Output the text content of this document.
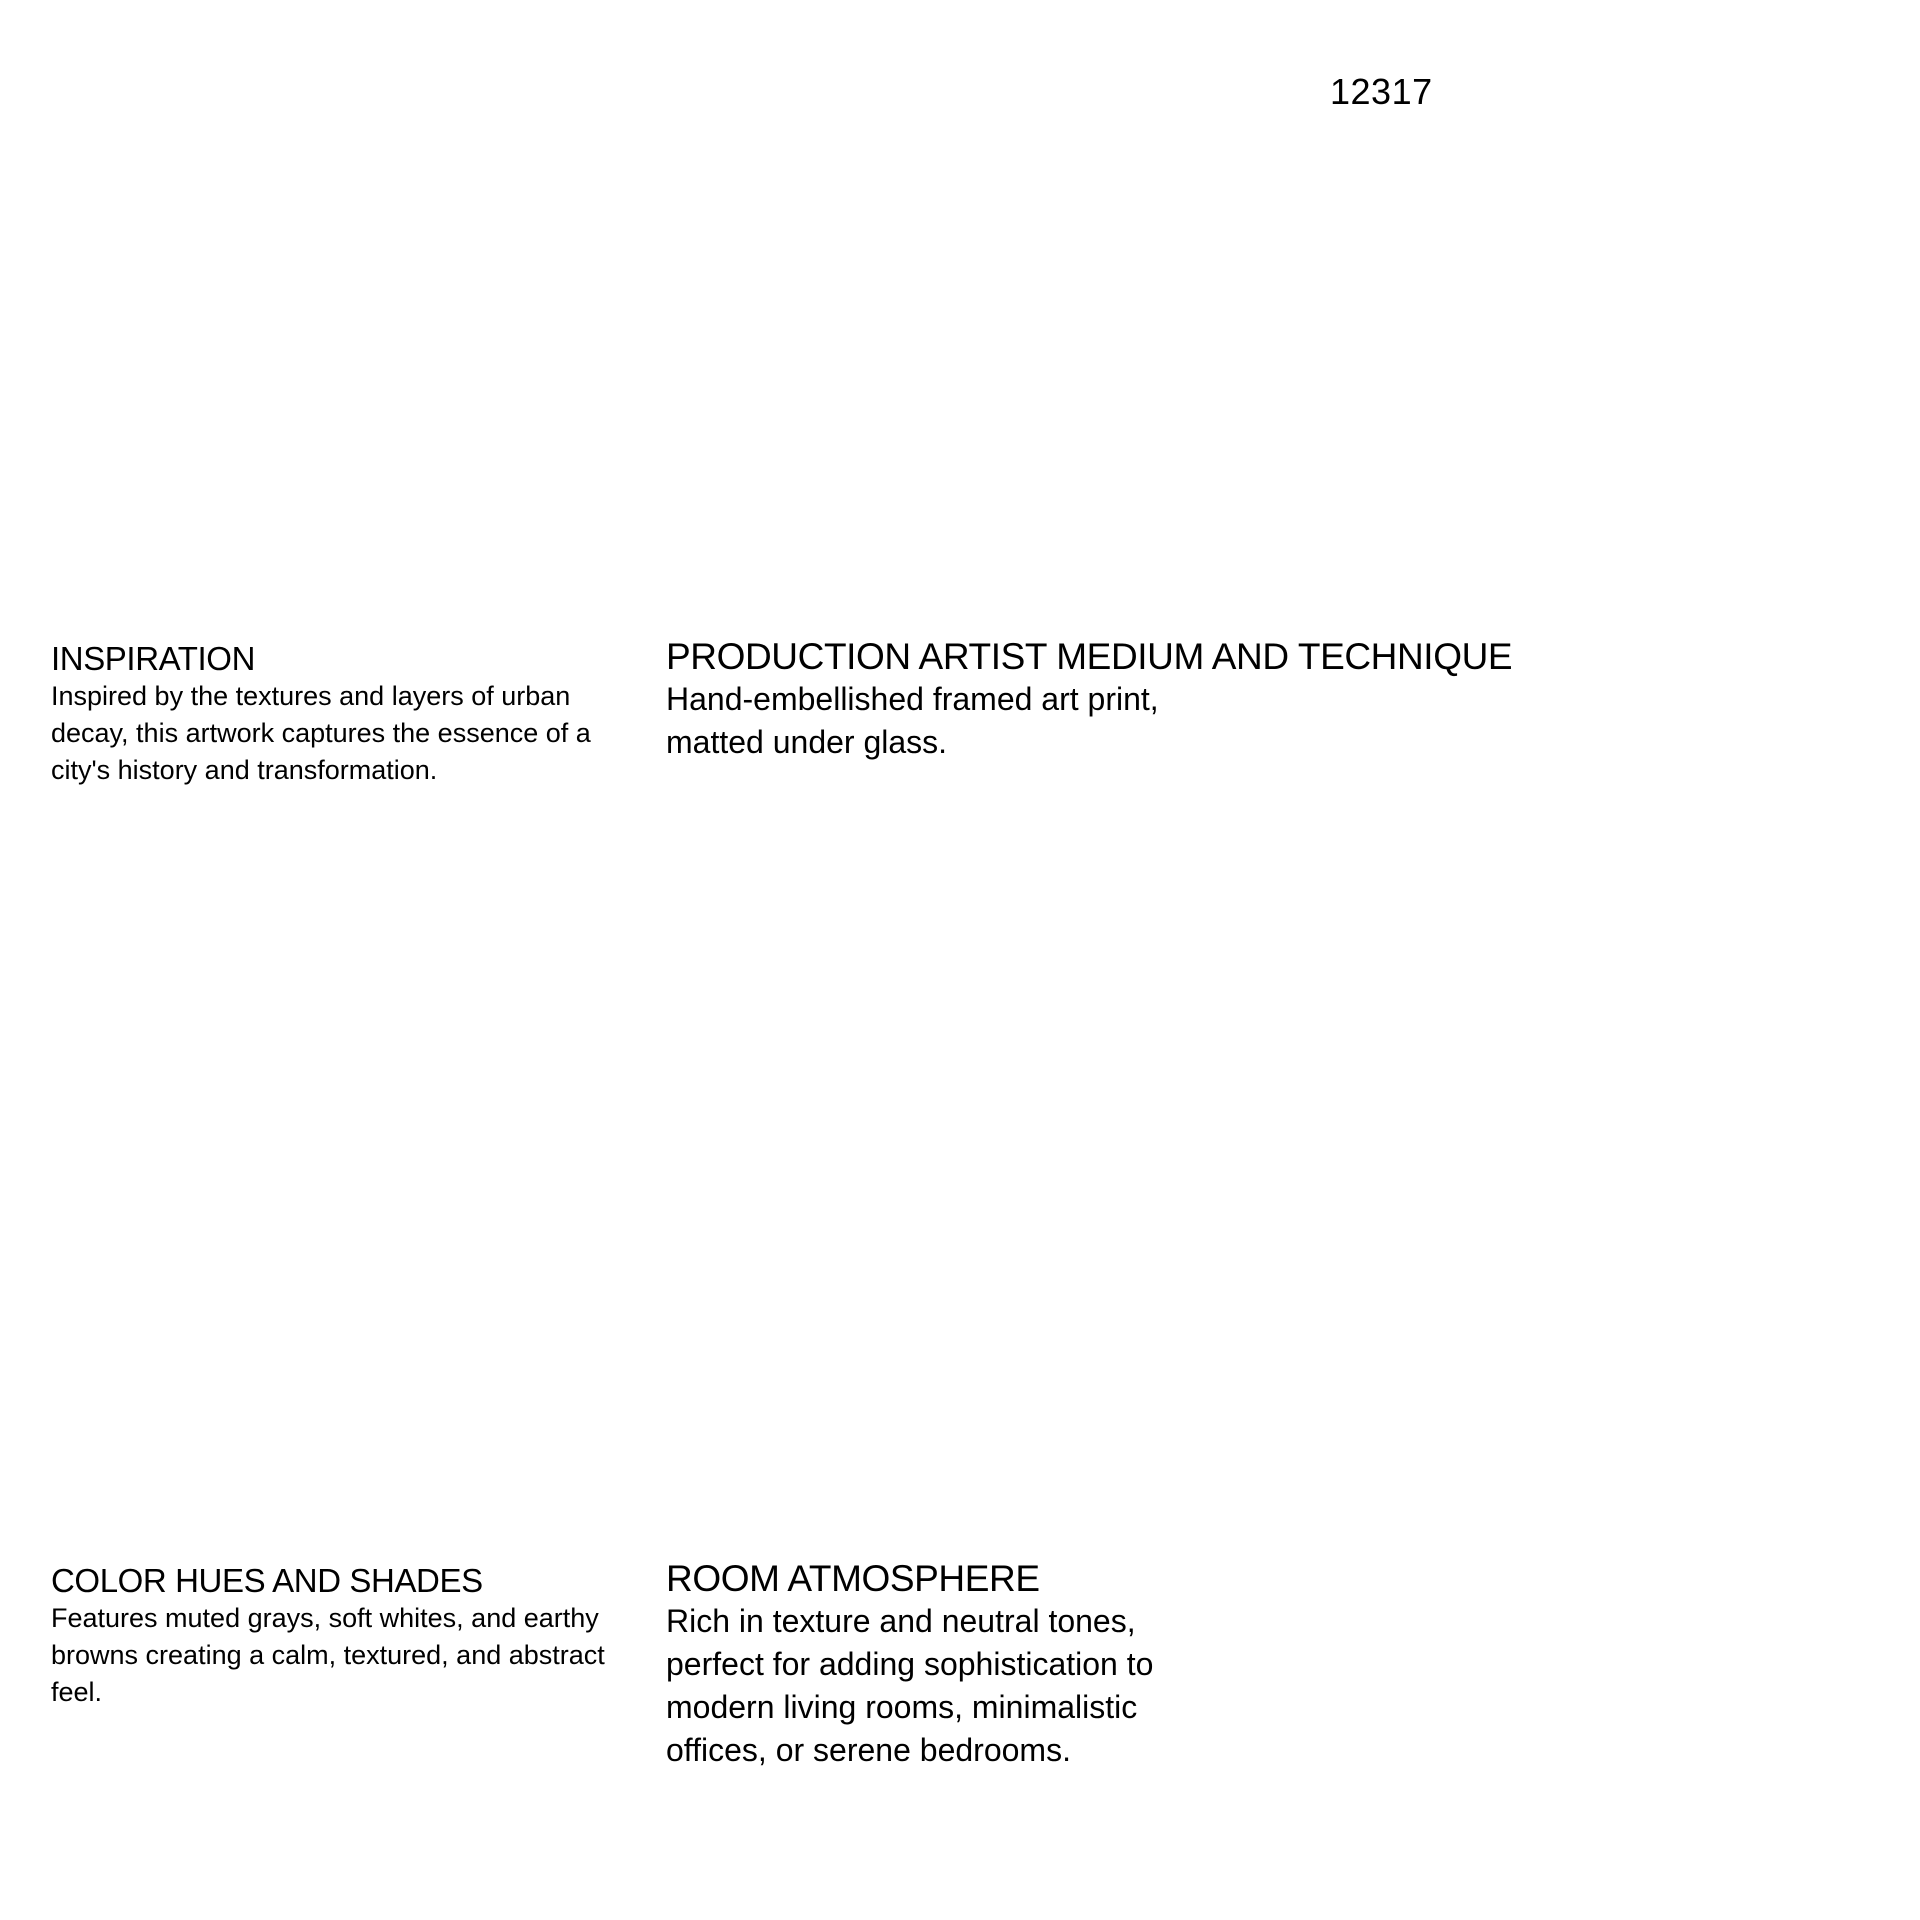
12317
INSPIRATION

Inspired by the textures and layers of urban
decay, this artwork captures the essence of a
city's history and transformation.

PRODUCTION ARTIST MEDIUM AND TECHNIQUE

Hand-embellished framed art print,
matted under glass.

COLOR HUES AND SHADES

Features muted grays, soft whites, and earthy
browns creating a calm, textured, and abstract
feel.

ROOM ATMOSPHERE

Rich in texture and neutral tones,
perfect for adding sophistication to
modern living rooms, minimalistic
offices, or serene bedrooms.
